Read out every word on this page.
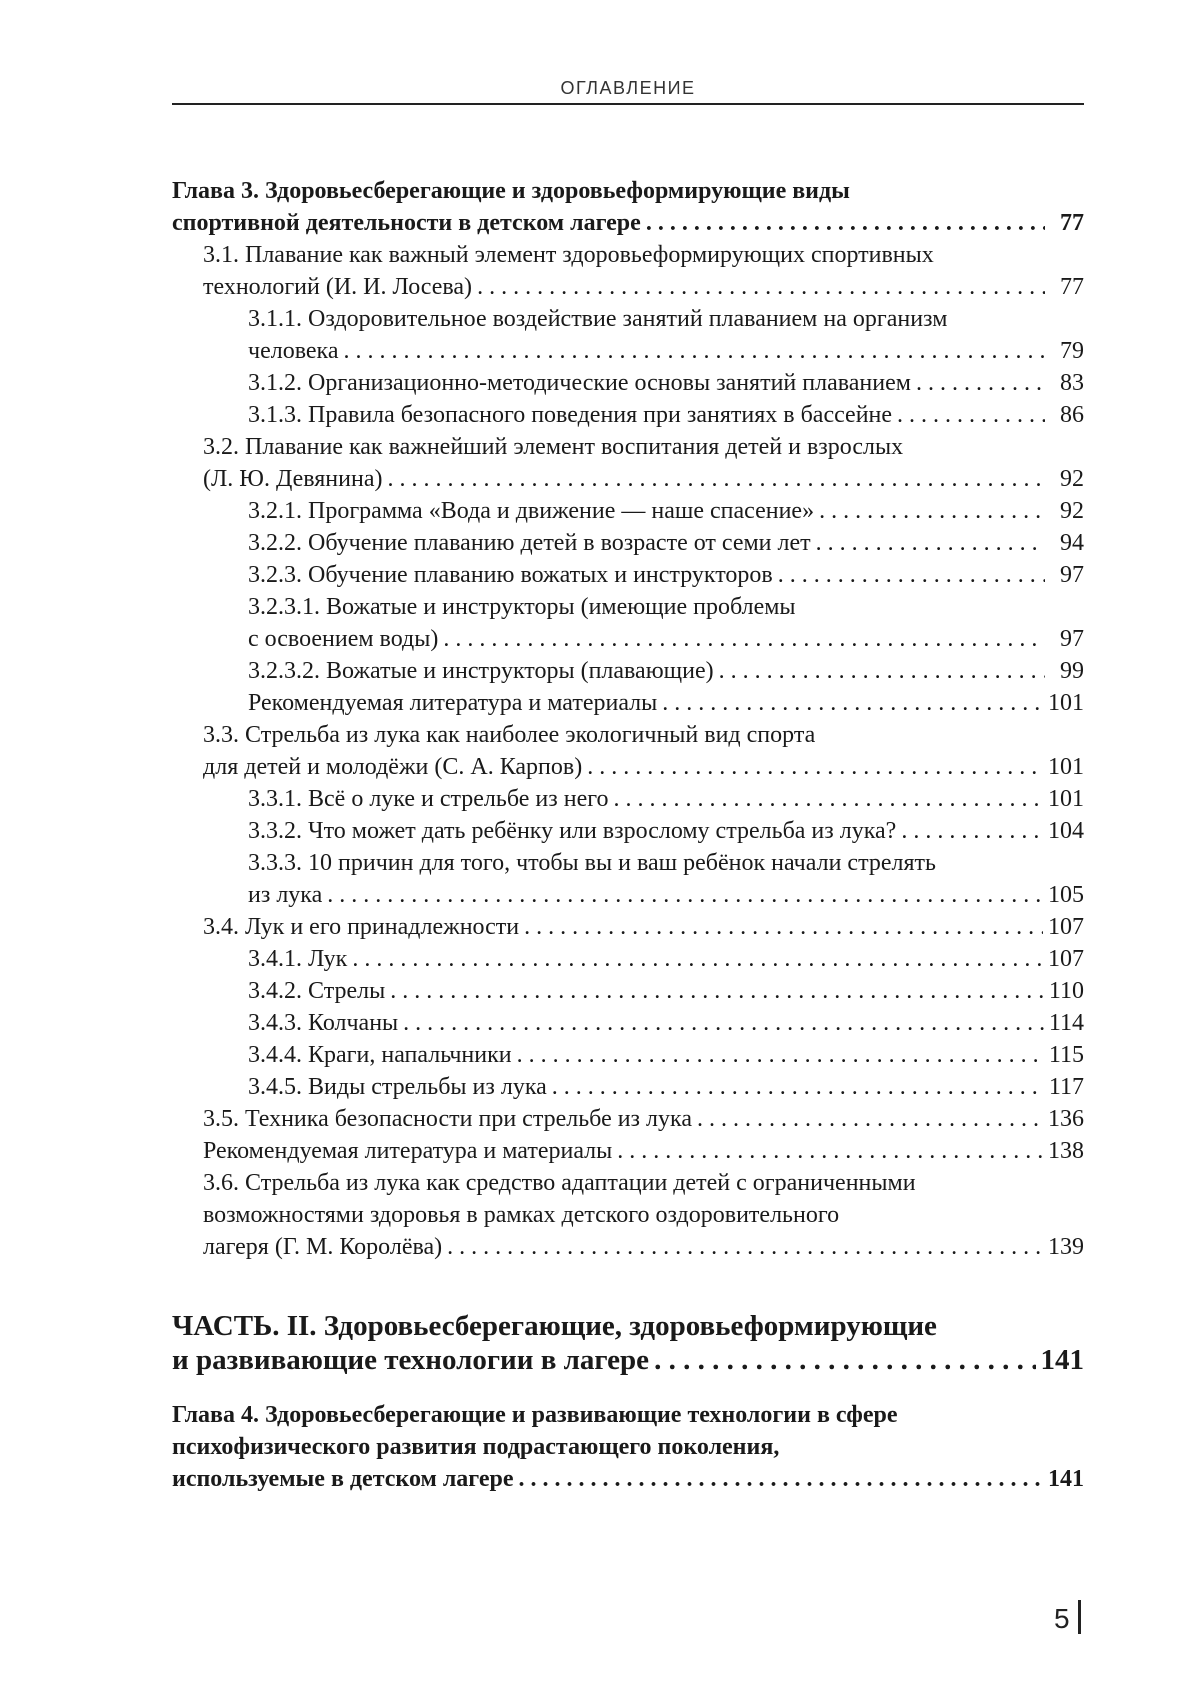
ОГЛАВЛЕНИЕ
Глава 3. Здоровьесберегающие и здоровьеформирующие виды
спортивной деятельности в детском лагере . . .	77
3.1. Плавание как важный элемент здоровьеформирующих спортивных
технологий (И. И. Лосева) . . .	77
3.1.1. Оздоровительное воздействие занятий плаванием на организм
человека . . .	79
3.1.2. Организационно-методические основы занятий плаванием . . .	83
3.1.3. Правила безопасного поведения при занятиях в бассейне . . .	86
3.2. Плавание как важнейший элемент воспитания детей и взрослых
(Л. Ю. Девянина) . . .	92
3.2.1. Программа «Вода и движение — наше спасение» . . .	92
3.2.2. Обучение плаванию детей в возрасте от семи лет . . .	94
3.2.3. Обучение плаванию вожатых и инструкторов . . .	97
3.2.3.1. Вожатые и инструкторы (имеющие проблемы
с освоением воды) . . .	97
3.2.3.2. Вожатые и инструкторы (плавающие) . . .	99
Рекомендуемая литература и материалы . . .	101
3.3. Стрельба из лука как наиболее экологичный вид спорта
для детей и молодёжи (С. А. Карпов) . . .	101
3.3.1. Всё о луке и стрельбе из него . . .	101
3.3.2. Что может дать ребёнку или взрослому стрельба из лука? . . .	104
3.3.3. 10 причин для того, чтобы вы и ваш ребёнок начали стрелять
из лука . . .	105
3.4. Лук и его принадлежности . . .	107
3.4.1. Лук . . .	107
3.4.2. Стрелы . . .	110
3.4.3. Колчаны . . .	114
3.4.4. Краги, напальчники . . .	115
3.4.5. Виды стрельбы из лука . . .	117
3.5. Техника безопасности при стрельбе из лука . . .	136
Рекомендуемая литература и материалы . . .	138
3.6. Стрельба из лука как средство адаптации детей с ограниченными
возможностями здоровья в рамках детского оздоровительного
лагеря (Г. М. Королёва) . . .	139
ЧАСТЬ. II. Здоровьесберегающие, здоровьеформирующие
и развивающие технологии в лагере . . .	141
Глава 4. Здоровьесберегающие и развивающие технологии в сфере
психофизического развития подрастающего поколения,
используемые в детском лагере . . .	141
5
